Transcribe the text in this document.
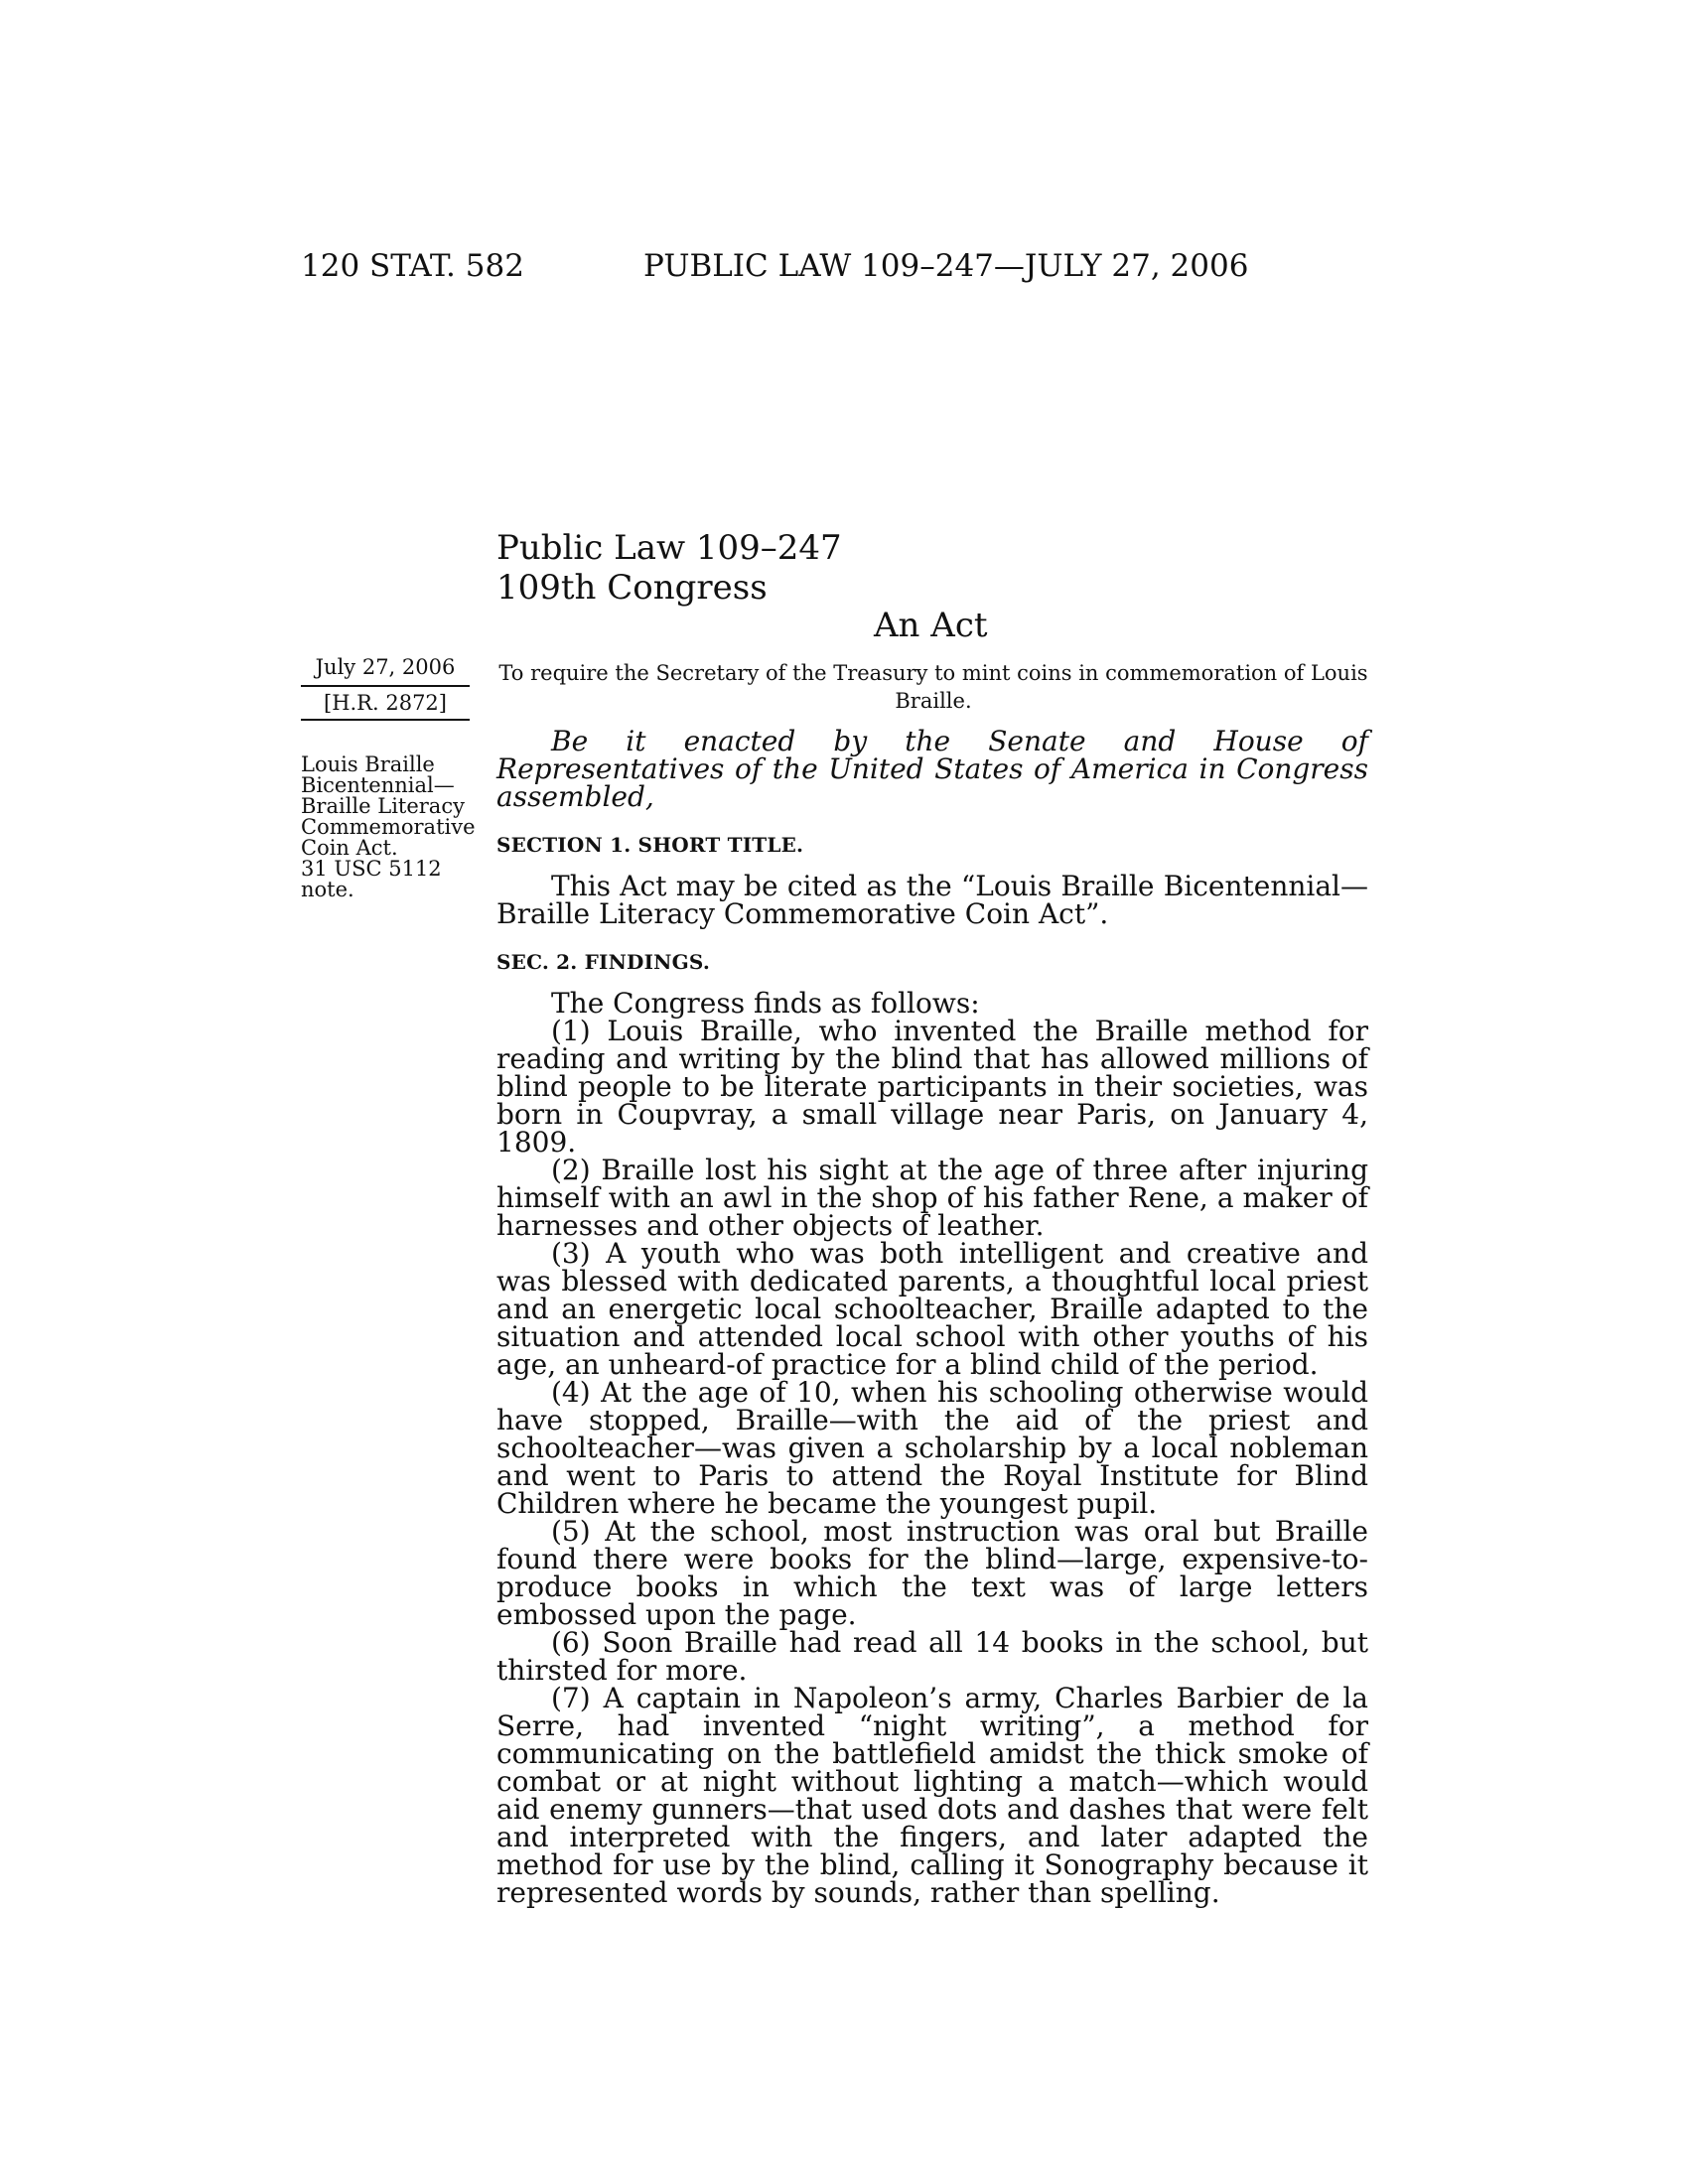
120 STAT. 582	PUBLIC LAW 109–247—JULY 27, 2006
Public Law 109–247
109th Congress
An Act
July 27, 2006
[H.R. 2872]
To require the Secretary of the Treasury to mint coins in commemoration of Louis Braille.
Louis Braille
Bicentennial—
Braille Literacy
Commemorative
Coin Act.
31 USC 5112
note.

Be it enacted by the Senate and House of Representatives of the United States of America in Congress assembled,

SECTION 1. SHORT TITLE.

This Act may be cited as the “Louis Braille Bicentennial—Braille Literacy Commemorative Coin Act”.

SEC. 2. FINDINGS.

The Congress finds as follows:

(1) Louis Braille, who invented the Braille method for reading and writing by the blind that has allowed millions of blind people to be literate participants in their societies, was born in Coupvray, a small village near Paris, on January 4, 1809.

(2) Braille lost his sight at the age of three after injuring himself with an awl in the shop of his father Rene, a maker of harnesses and other objects of leather.

(3) A youth who was both intelligent and creative and was blessed with dedicated parents, a thoughtful local priest and an energetic local schoolteacher, Braille adapted to the situation and attended local school with other youths of his age, an unheard-of practice for a blind child of the period.

(4) At the age of 10, when his schooling otherwise would have stopped, Braille—with the aid of the priest and schoolteacher—was given a scholarship by a local nobleman and went to Paris to attend the Royal Institute for Blind Children where he became the youngest pupil.

(5) At the school, most instruction was oral but Braille found there were books for the blind—large, expensive-to-produce books in which the text was of large letters embossed upon the page.

(6) Soon Braille had read all 14 books in the school, but thirsted for more.

(7) A captain in Napoleon’s army, Charles Barbier de la Serre, had invented “night writing”, a method for communicating on the battlefield amidst the thick smoke of combat or at night without lighting a match—which would aid enemy gunners—that used dots and dashes that were felt and interpreted with the fingers, and later adapted the method for use by the blind, calling it Sonography because it represented words by sounds, rather than spelling.
